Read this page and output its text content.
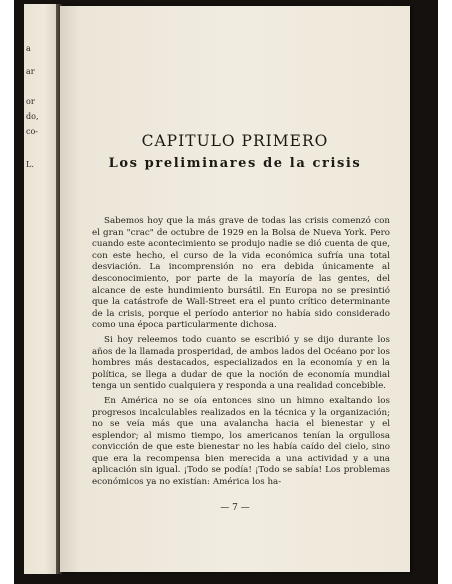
a
ar
or
do,
co-
L.
CAPITULO PRIMERO
Los preliminares de la crisis

Sabemos hoy que la más grave de todas las crisis comenzó con el gran "crac" de octubre de 1929 en la Bolsa de Nueva York. Pero cuando este acontecimiento se produjo nadie se dió cuenta de que, con este hecho, el curso de la vida económica sufría una total desviación. La incomprensión no era debida únicamente al desconocimiento, por parte de la mayoría de las gentes, del alcance de este hundimiento bursátil. En Europa no se presintió que la catástrofe de Wall-Street era el punto crítico determinante de la crisis, porque el período anterior no había sido considerado como una época particularmente dichosa.

Si hoy releemos todo cuanto se escribió y se dijo durante los años de la llamada prosperidad, de ambos lados del Océano por los hombres más destacados, especializados en la economía y en la política, se llega a dudar de que la noción de economía mundial tenga un sentido cualquiera y responda a una realidad concebible.

En América no se oía entonces sino un himno exaltando los progresos incalculables realizados en la técnica y la organización; no se veía más que una avalancha hacia el bienestar y el esplendor; al mismo tiempo, los americanos tenían la orgullosa convicción de que este bienestar no les había caído del cielo, sino que era la recompensa bien merecida a una actividad y a una aplicación sin igual. ¡Todo se podía! ¡Todo se sabía! Los problemas económicos ya no existían: América los ha-

— 7 —
